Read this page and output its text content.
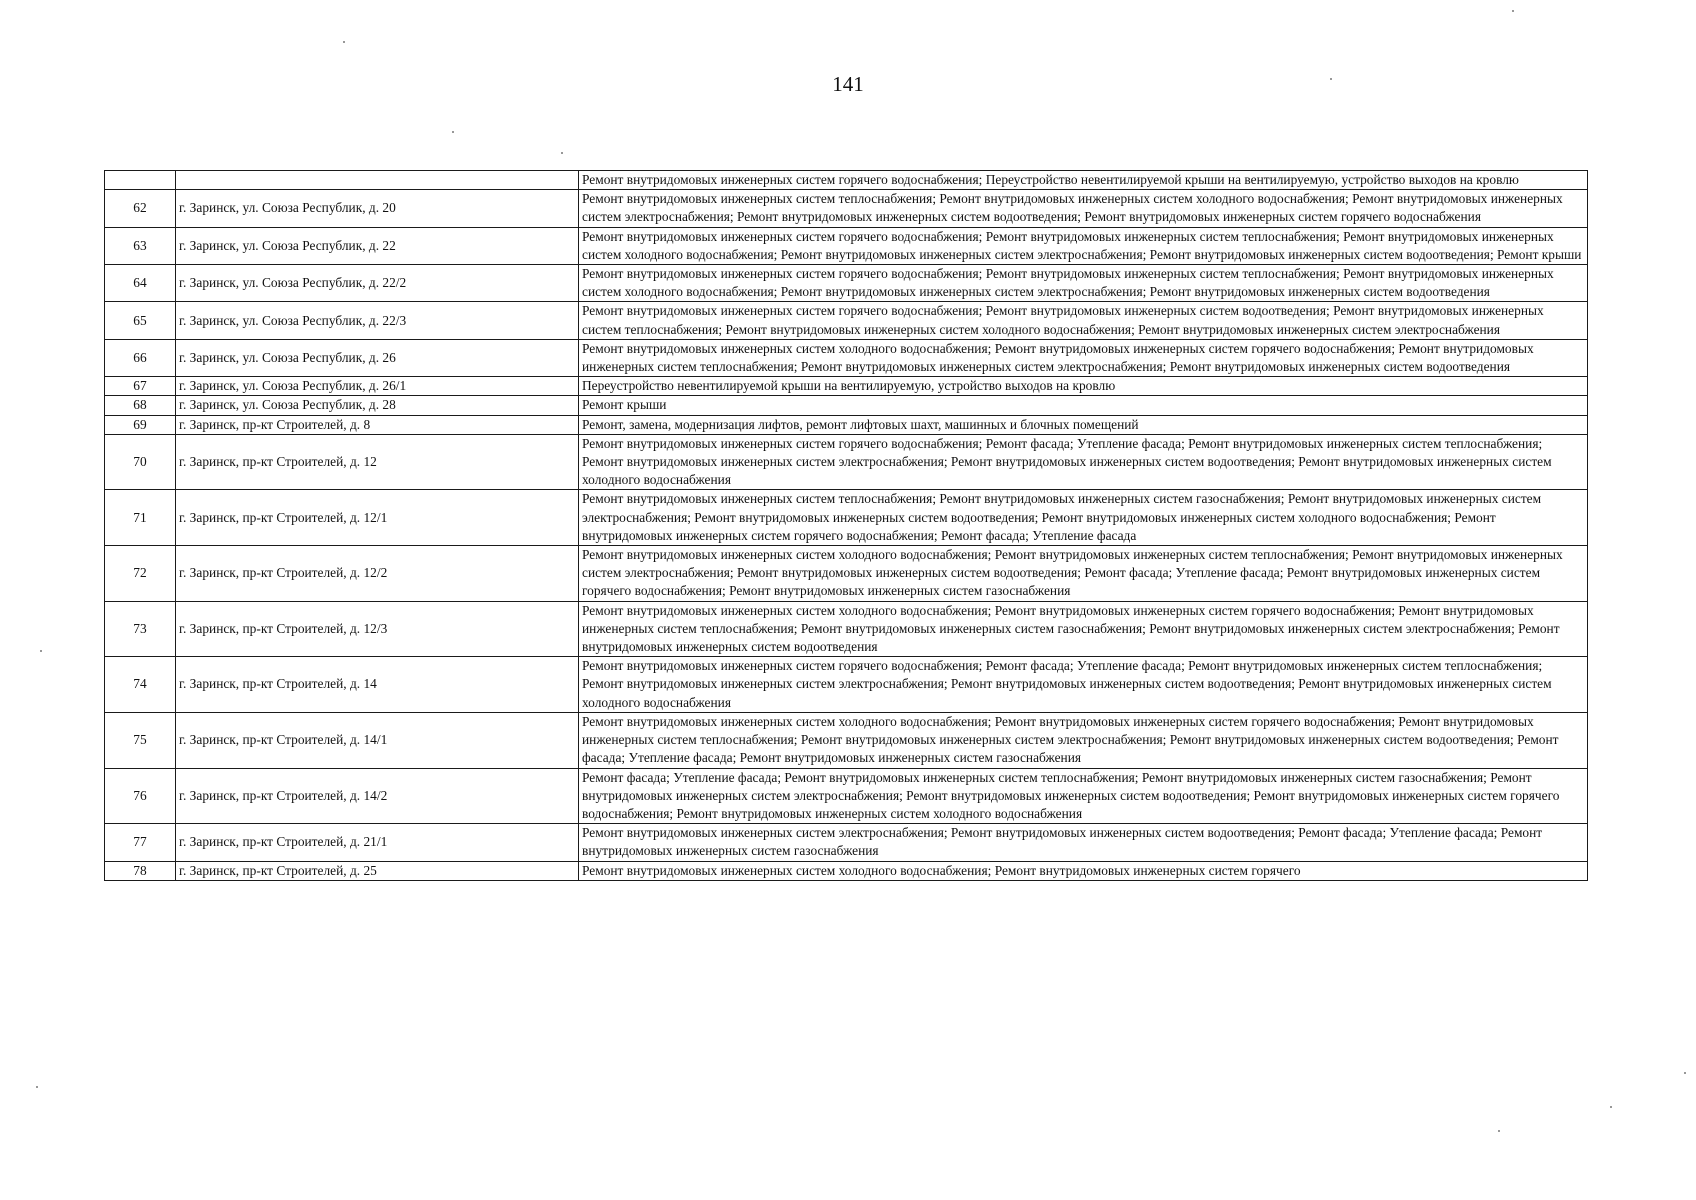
141
		Ремонт внутридомовых инженерных систем горячего водоснабжения; Переустройство невентилируемой крыши на вентилируемую, устройство выходов на кровлю
62	г. Заринск, ул. Союза Республик, д. 20	Ремонт внутридомовых инженерных систем теплоснабжения; Ремонт внутридомовых инженерных систем холодного водоснабжения; Ремонт внутридомовых инженерных систем электроснабжения; Ремонт внутридомовых инженерных систем водоотведения; Ремонт внутридомовых инженерных систем горячего водоснабжения
63	г. Заринск, ул. Союза Республик, д. 22	Ремонт внутридомовых инженерных систем горячего водоснабжения; Ремонт внутридомовых инженерных систем теплоснабжения; Ремонт внутридомовых инженерных систем холодного водоснабжения; Ремонт внутридомовых инженерных систем электроснабжения; Ремонт внутридомовых инженерных систем водоотведения; Ремонт крыши
64	г. Заринск, ул. Союза Республик, д. 22/2	Ремонт внутридомовых инженерных систем горячего водоснабжения; Ремонт внутридомовых инженерных систем теплоснабжения; Ремонт внутридомовых инженерных систем холодного водоснабжения; Ремонт внутридомовых инженерных систем электроснабжения; Ремонт внутридомовых инженерных систем водоотведения
65	г. Заринск, ул. Союза Республик, д. 22/3	Ремонт внутридомовых инженерных систем горячего водоснабжения; Ремонт внутридомовых инженерных систем водоотведения; Ремонт внутридомовых инженерных систем теплоснабжения; Ремонт внутридомовых инженерных систем холодного водоснабжения; Ремонт внутридомовых инженерных систем электроснабжения
66	г. Заринск, ул. Союза Республик, д. 26	Ремонт внутридомовых инженерных систем холодного водоснабжения; Ремонт внутридомовых инженерных систем горячего водоснабжения; Ремонт внутридомовых инженерных систем теплоснабжения; Ремонт внутридомовых инженерных систем электроснабжения; Ремонт внутридомовых инженерных систем водоотведения
67	г. Заринск, ул. Союза Республик, д. 26/1	Переустройство невентилируемой крыши на вентилируемую, устройство выходов на кровлю
68	г. Заринск, ул. Союза Республик, д. 28	Ремонт крыши
69	г. Заринск, пр-кт Строителей, д. 8	Ремонт, замена, модернизация лифтов, ремонт лифтовых шахт, машинных и блочных помещений
70	г. Заринск, пр-кт Строителей, д. 12	Ремонт внутридомовых инженерных систем горячего водоснабжения; Ремонт фасада; Утепление фасада; Ремонт внутридомовых инженерных систем теплоснабжения; Ремонт внутридомовых инженерных систем электроснабжения; Ремонт внутридомовых инженерных систем водоотведения; Ремонт внутридомовых инженерных систем холодного водоснабжения
71	г. Заринск, пр-кт Строителей, д. 12/1	Ремонт внутридомовых инженерных систем теплоснабжения; Ремонт внутридомовых инженерных систем газоснабжения; Ремонт внутридомовых инженерных систем электроснабжения; Ремонт внутридомовых инженерных систем водоотведения; Ремонт внутридомовых инженерных систем холодного водоснабжения; Ремонт внутридомовых инженерных систем горячего водоснабжения; Ремонт фасада; Утепление фасада
72	г. Заринск, пр-кт Строителей, д. 12/2	Ремонт внутридомовых инженерных систем холодного водоснабжения; Ремонт внутридомовых инженерных систем теплоснабжения; Ремонт внутридомовых инженерных систем электроснабжения; Ремонт внутридомовых инженерных систем водоотведения; Ремонт фасада; Утепление фасада; Ремонт внутридомовых инженерных систем горячего водоснабжения; Ремонт внутридомовых инженерных систем газоснабжения
73	г. Заринск, пр-кт Строителей, д. 12/3	Ремонт внутридомовых инженерных систем холодного водоснабжения; Ремонт внутридомовых инженерных систем горячего водоснабжения; Ремонт внутридомовых инженерных систем теплоснабжения; Ремонт внутридомовых инженерных систем газоснабжения; Ремонт внутридомовых инженерных систем электроснабжения; Ремонт внутридомовых инженерных систем водоотведения
74	г. Заринск, пр-кт Строителей, д. 14	Ремонт внутридомовых инженерных систем горячего водоснабжения; Ремонт фасада; Утепление фасада; Ремонт внутридомовых инженерных систем теплоснабжения; Ремонт внутридомовых инженерных систем электроснабжения; Ремонт внутридомовых инженерных систем водоотведения; Ремонт внутридомовых инженерных систем холодного водоснабжения
75	г. Заринск, пр-кт Строителей, д. 14/1	Ремонт внутридомовых инженерных систем холодного водоснабжения; Ремонт внутридомовых инженерных систем горячего водоснабжения; Ремонт внутридомовых инженерных систем теплоснабжения; Ремонт внутридомовых инженерных систем электроснабжения; Ремонт внутридомовых инженерных систем водоотведения; Ремонт фасада; Утепление фасада; Ремонт внутридомовых инженерных систем газоснабжения
76	г. Заринск, пр-кт Строителей, д. 14/2	Ремонт фасада; Утепление фасада; Ремонт внутридомовых инженерных систем теплоснабжения; Ремонт внутридомовых инженерных систем газоснабжения; Ремонт внутридомовых инженерных систем электроснабжения; Ремонт внутридомовых инженерных систем водоотведения; Ремонт внутридомовых инженерных систем горячего водоснабжения; Ремонт внутридомовых инженерных систем холодного водоснабжения
77	г. Заринск, пр-кт Строителей, д. 21/1	Ремонт внутридомовых инженерных систем электроснабжения; Ремонт внутридомовых инженерных систем водоотведения; Ремонт фасада; Утепление фасада; Ремонт внутридомовых инженерных систем газоснабжения
78	г. Заринск, пр-кт Строителей, д. 25	Ремонт внутридомовых инженерных систем холодного водоснабжения; Ремонт внутридомовых инженерных систем горячего
